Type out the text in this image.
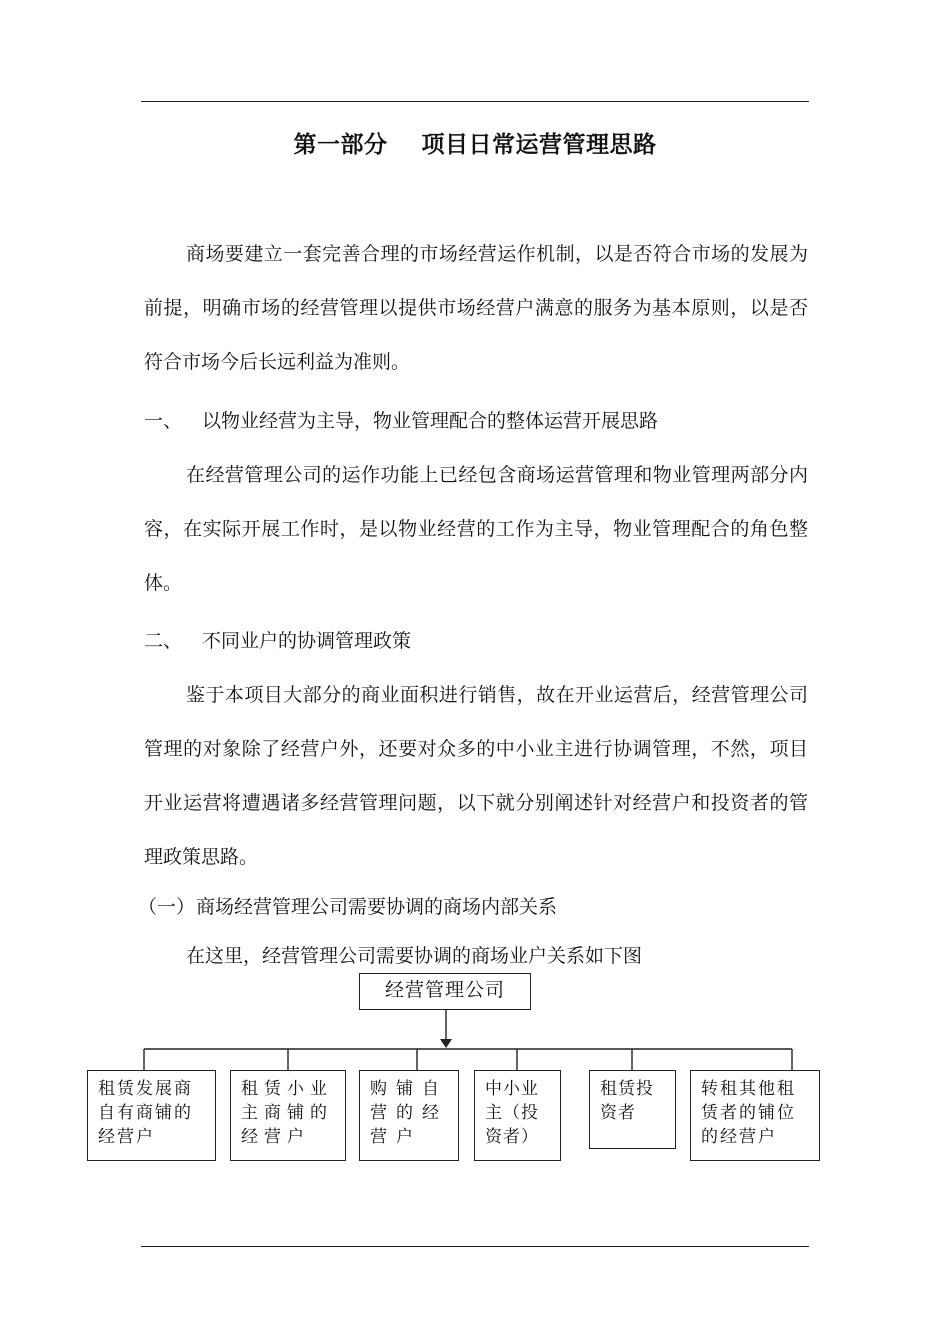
第一部分    项目日常运营管理思路

商场要建立一套完善合理的市场经营运作机制，以是否符合市场的发展为前提，明确市场的经营管理以提供市场经营户满意的服务为基本原则，以是否符合市场今后长远利益为准则。

一、 以物业经营为主导，物业管理配合的整体运营开展思路

在经营管理公司的运作功能上已经包含商场运营管理和物业管理两部分内容，在实际开展工作时，是以物业经营的工作为主导，物业管理配合的角色整体。

二、 不同业户的协调管理政策

鉴于本项目大部分的商业面积进行销售，故在开业运营后，经营管理公司管理的对象除了经营户外，还要对众多的中小业主进行协调管理，不然，项目开业运营将遭遇诸多经营管理问题，以下就分别阐述针对经营户和投资者的管理政策思路。

（一）商场经营管理公司需要协调的商场内部关系

在这里，经营管理公司需要协调的商场业户关系如下图

经营管理公司
租赁发展商
自有商铺的
经营户
租赁小业
主商铺的
经营户
购铺自
营的经
营户
中小业
主（投
资者）
租赁投
资者
转租其他租
赁者的铺位
的经营户
